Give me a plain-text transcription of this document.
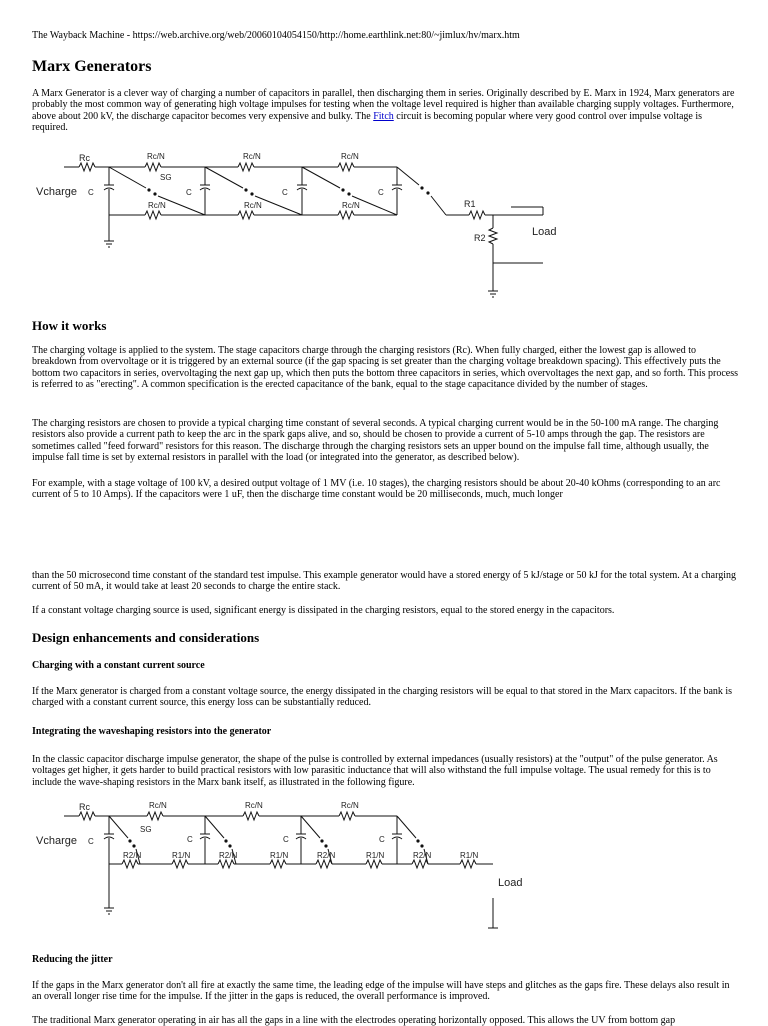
The Wayback Machine - https://web.archive.org/web/20060104054150/http://home.earthlink.net:80/~jimlux/hv/marx.htm
Marx Generators

A Marx Generator is a clever way of charging a number of capacitors in parallel, then discharging them in series. Originally described by E. Marx in 1924, Marx generators are probably the most common way of generating high voltage impulses for testing when the voltage level required is higher than available charging supply voltages. Furthermore, above about 200 kV, the discharge capacitor becomes very expensive and bulky. The Fitch circuit is becoming popular where very good control over impulse voltage is required.

Rc
Vcharge C	C	C	C
Rc/N	Rc/N	Rc/N
Rc/N	Rc/N	Rc/N
SG
R1
R2	Load
How it works

The charging voltage is applied to the system. The stage capacitors charge through the charging resistors (Rc). When fully charged, either the lowest gap is allowed to breakdown from overvoltage or it is triggered by an external source (if the gap spacing is set greater than the charging voltage breakdown spacing). This effectively puts the bottom two capacitors in series, overvoltaging the next gap up, which then puts the bottom three capacitors in series, which overvoltages the next gap, and so forth. This process is referred to as "erecting". A common specification is the erected capacitance of the bank, equal to the stage capacitance divided by the number of stages.

The charging resistors are chosen to provide a typical charging time constant of several seconds. A typical charging current would be in the 50-100 mA range. The charging resistors also provide a current path to keep the arc in the spark gaps alive, and so, should be chosen to provide a current of 5-10 amps through the gap. The resistors are sometimes called "feed forward" resistors for this reason. The discharge through the charging resistors sets an upper bound on the impulse fall time, although usually, the impulse fall time is set by external resistors in parallel with the load (or integrated into the generator, as described below).

For example, with a stage voltage of 100 kV, a desired output voltage of 1 MV (i.e. 10 stages), the charging resistors should be about 20-40 kOhms (corresponding to an arc current of 5 to 10 Amps). If the capacitors were 1 uF, then the discharge time constant would be 20 milliseconds, much, much longer

than the 50 microsecond time constant of the standard test impulse. This example generator would have a stored energy of 5 kJ/stage or 50 kJ for the total system. At a charging current of 50 mA, it would take at least 20 seconds to charge the entire stack.

If a constant voltage charging source is used, significant energy is dissipated in the charging resistors, equal to the stored energy in the capacitors.

Design enhancements and considerations
Charging with a constant current source

If the Marx generator is charged from a constant voltage source, the energy dissipated in the charging resistors will be equal to that stored in the Marx capacitors. If the bank is charged with a constant current source, this energy loss can be substantially reduced.

Integrating the waveshaping resistors into the generator

In the classic capacitor discharge impulse generator, the shape of the pulse is controlled by external impedances (usually resistors) at the "output" of the pulse generator. As voltages get higher, it gets harder to build practical resistors with low parasitic inductance that will also withstand the full impulse voltage. The usual remedy for this is to include the wave-shaping resistors in the Marx bank itself, as illustrated in the following figure.

Rc
Vcharge C	C	C	C
Rc/N	Rc/N	Rc/N
SG
R2/N	R1/N	R2/N	R1/N	R2/N	R1/N	R2/N	R1/N
Load
Reducing the jitter

If the gaps in the Marx generator don't all fire at exactly the same time, the leading edge of the impulse will have steps and glitches as the gaps fire. These delays also result in an overall longer rise time for the impulse. If the jitter in the gaps is reduced, the overall performance is improved.

The traditional Marx generator operating in air has all the gaps in a line with the electrodes operating horizontally opposed. This allows the UV from bottom gap
